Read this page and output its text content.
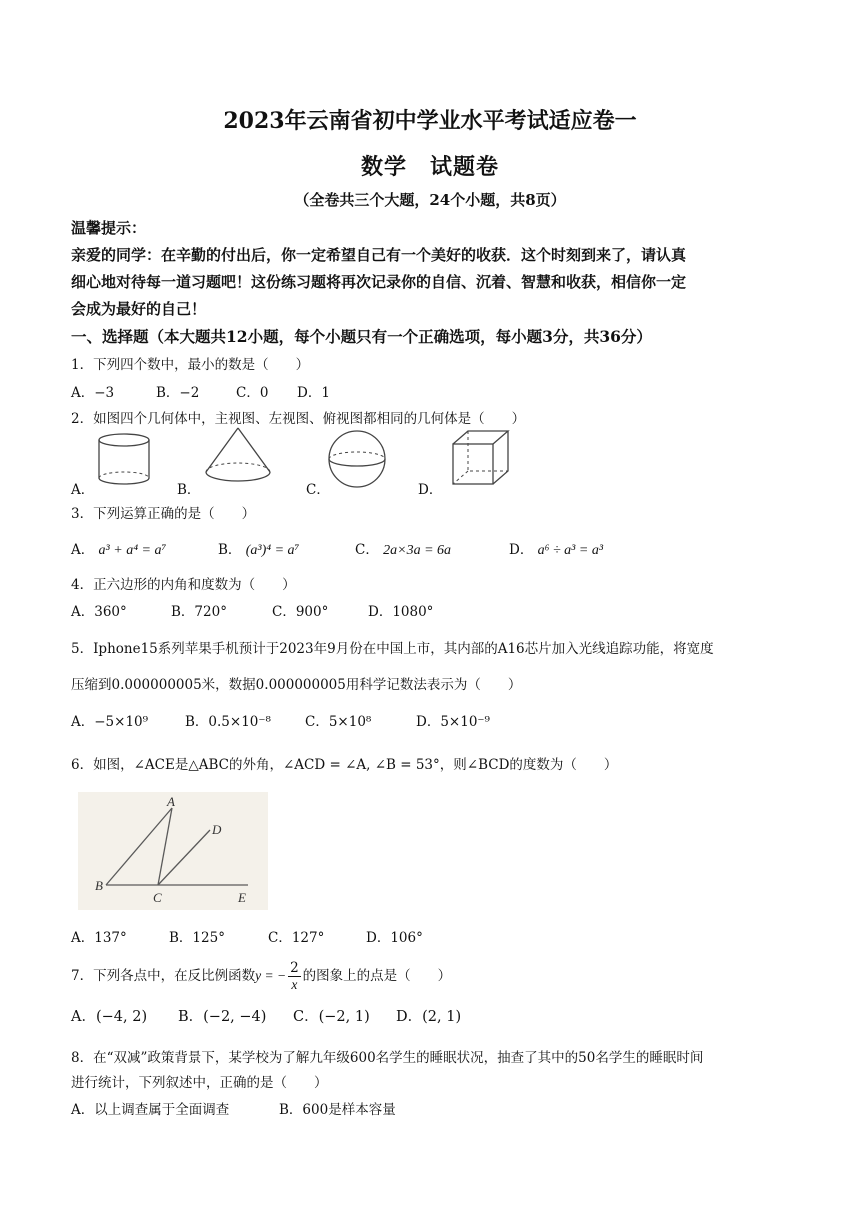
2023年云南省初中学业水平考试适应卷一
数学　试题卷
（全卷共三个大题，24个小题，共8页）
温馨提示：
亲爱的同学：在辛勤的付出后，你一定希望自己有一个美好的收获．这个时刻到来了，请认真
细心地对待每一道习题吧！这份练习题将再次记录你的自信、沉着、智慧和收获，相信你一定
会成为最好的自己！
一、选择题（本大题共12小题，每个小题只有一个正确选项，每小题3分，共36分）
1．下列四个数中，最小的数是（　　）
A．−3	B．−2	C．0 D．1
2．如图四个几何体中，主视图、左视图、俯视图都相同的几何体是（　　）
A．	B．	C．	D．
3．下列运算正确的是（　　）
A． a³ + a⁴ = a⁷	B． (a³)⁴ = a⁷	C． 2a×3a = 6a	D． a⁶ ÷ a³ = a³
4．正六边形的内角和度数为（　　）
A．360°	B．720°	C．900°	D．1080°
5．Iphone15系列苹果手机预计于2023年9月份在中国上市，其内部的A16芯片加入光线追踪功能，将宽度
压缩到0.000000005米，数据0.000000005用科学记数法表示为（　　）
A．−5×10⁹	B．0.5×10⁻⁸	C．5×10⁸	D．5×10⁻⁹
6．如图，∠ACE是△ABC的外角，∠ACD = ∠A, ∠B = 53°，则∠BCD的度数为（　　）
A
D
B
C	E
A．137°	B．125°	C．127°	D．106°
7．下列各点中，在反比例函数y = − $\frac{2}{x}$ 的图象上的点是（　　）
A．(−4, 2) B．(−2, −4) C．(−2, 1) D．(2, 1)
8．在“双减”政策背景下，某学校为了解九年级600名学生的睡眠状况，抽查了其中的50名学生的睡眠时间
进行统计，下列叙述中，正确的是（　　）
A．以上调查属于全面调查	B．600是样本容量
